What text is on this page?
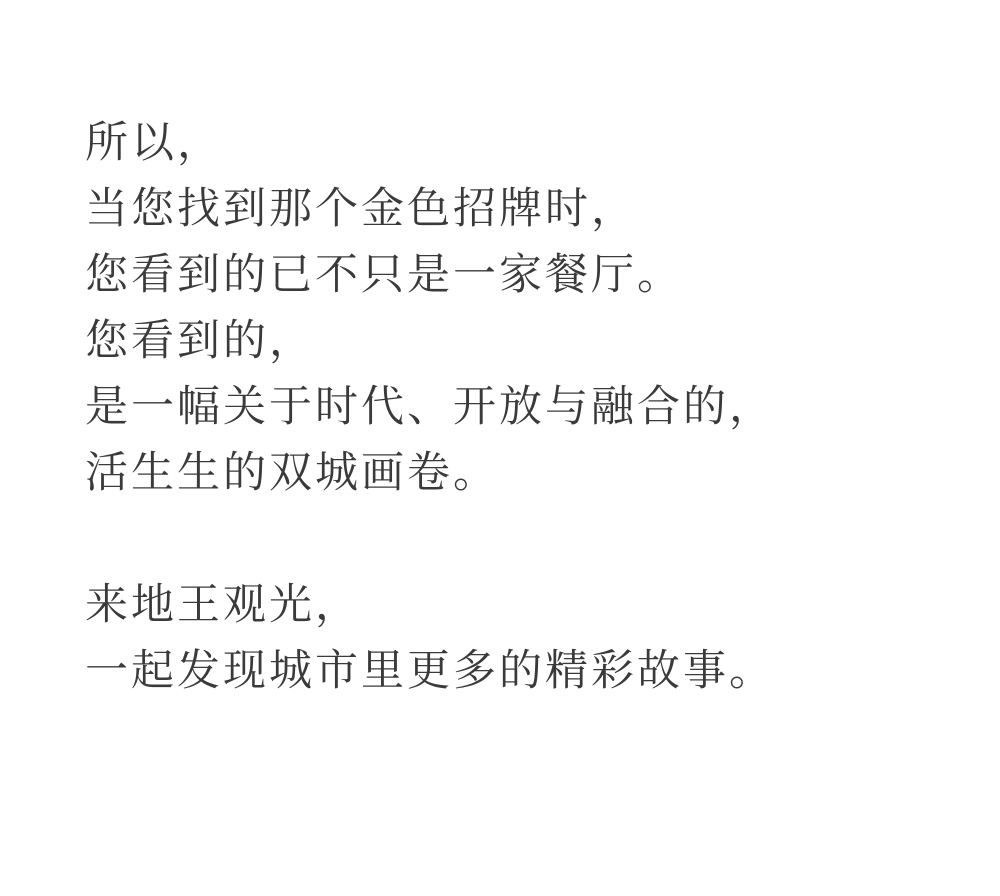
所以，
当您找到那个金色招牌时，
您看到的已不只是一家餐厅。
您看到的，
是一幅关于时代、开放与融合的，
活生生的双城画卷。

来地王观光，
一起发现城市里更多的精彩故事。
